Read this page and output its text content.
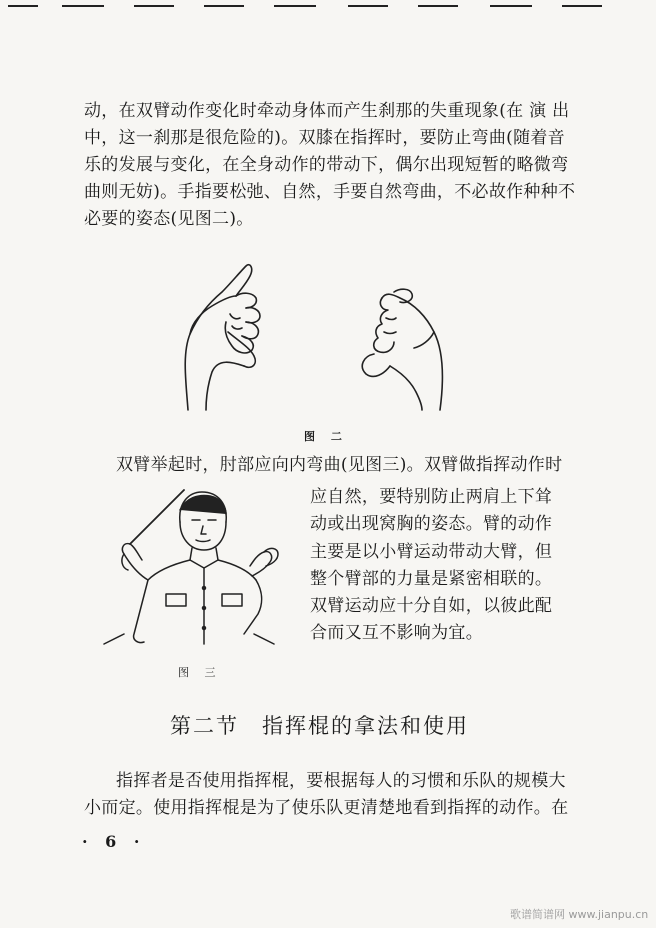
动，在双臂动作变化时牵动身体而产生刹那的失重现象(在 演 出

中，这一刹那是很危险的)。双膝在指挥时，要防止弯曲(随着音

乐的发展与变化，在全身动作的带动下，偶尔出现短暂的略微弯

曲则无妨)。手指要松弛、自然，手要自然弯曲，不必故作种种不

必要的姿态(见图二)。

图 二

双臂举起时，肘部应向内弯曲(见图三)。双臂做指挥动作时

图 三

应自然，要特别防止两肩上下耸

动或出现窝胸的姿态。臂的动作

主要是以小臂运动带动大臂，但

整个臂部的力量是紧密相联的。

双臂运动应十分自如，以彼此配

合而又互不影响为宜。

第二节　指挥棍的拿法和使用

指挥者是否使用指挥棍，要根据每人的习惯和乐队的规模大

小而定。使用指挥棍是为了使乐队更清楚地看到指挥的动作。在

· 6 ·
歌谱简谱网 www.jianpu.cn
